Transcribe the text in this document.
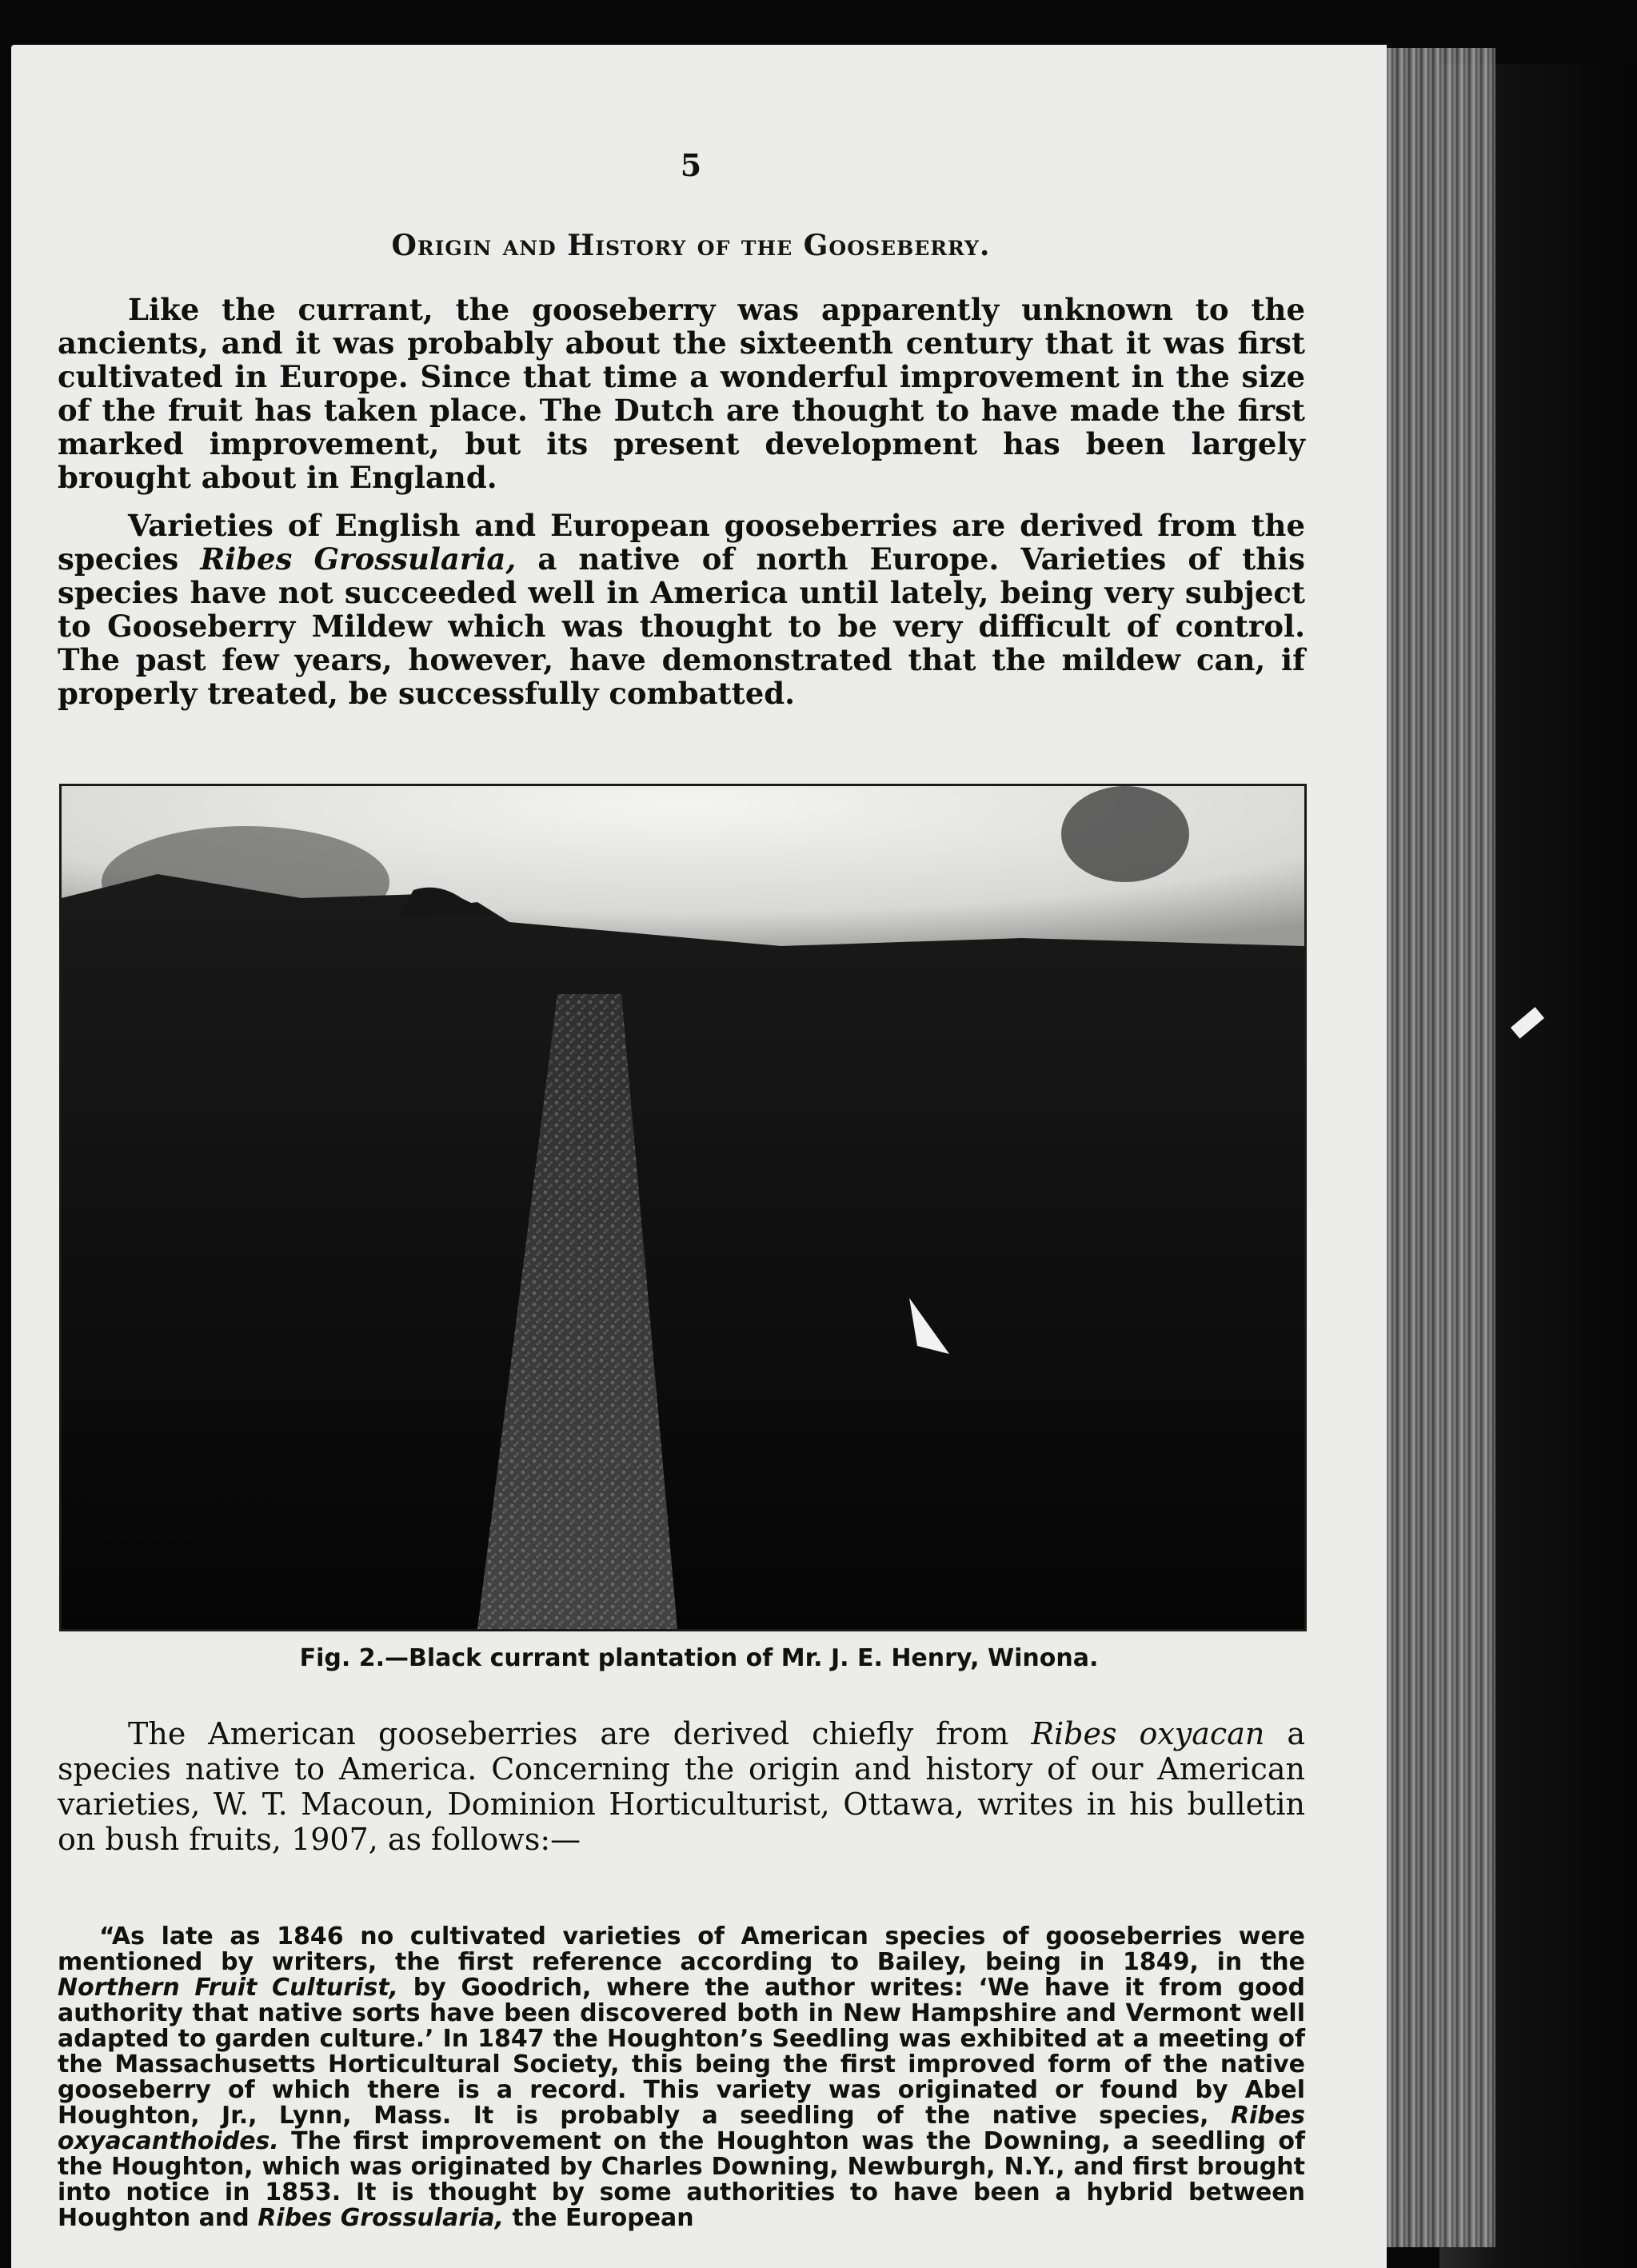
5
Origin and History of the Gooseberry.

Like the currant, the gooseberry was apparently unknown to the ancients, and it was probably about the sixteenth century that it was first cultivated in Europe. Since that time a wonderful improvement in the size of the fruit has taken place. The Dutch are thought to have made the first marked improvement, but its present development has been largely brought about in England.

Varieties of English and European gooseberries are derived from the species Ribes Grossularia, a native of north Europe. Varieties of this species have not succeeded well in America until lately, being very subject to Gooseberry Mildew which was thought to be very difficult of control. The past few years, however, have demonstrated that the mildew can, if properly treated, be successfully combatted.

Fig. 2.—Black currant plantation of Mr. J. E. Henry, Winona.

The American gooseberries are derived chiefly from Ribes oxyacan a species native to America. Concerning the origin and history of our American varieties, W. T. Macoun, Dominion Horticulturist, Ottawa, writes in his bulletin on bush fruits, 1907, as follows:—

“As late as 1846 no cultivated varieties of American species of gooseberries were mentioned by writers, the first reference according to Bailey, being in 1849, in the Northern Fruit Culturist, by Goodrich, where the author writes: ‘We have it from good authority that native sorts have been discovered both in New Hampshire and Vermont well adapted to garden culture.’ In 1847 the Houghton’s Seedling was exhibited at a meeting of the Massachusetts Horticultural Society, this being the first improved form of the native gooseberry of which there is a record. This variety was originated or found by Abel Houghton, Jr., Lynn, Mass. It is probably a seedling of the native species, Ribes oxyacanthoides. The first improvement on the Houghton was the Downing, a seedling of the Houghton, which was originated by Charles Downing, Newburgh, N.Y., and first brought into notice in 1853. It is thought by some authorities to have been a hybrid between Houghton and Ribes Grossularia, the European
